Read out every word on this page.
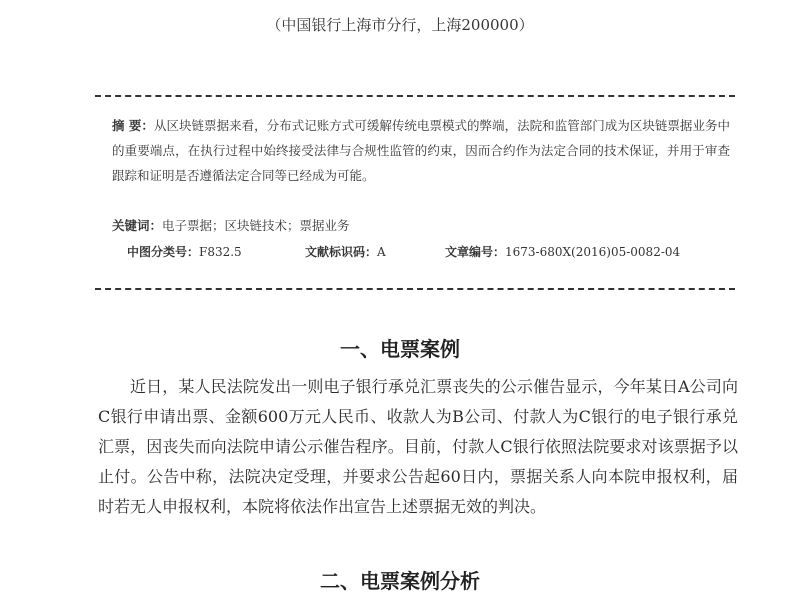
（中国银行上海市分行，上海200000）
摘 要：从区块链票据来看，分布式记账方式可缓解传统电票模式的弊端，法院和监管部门成为区块链票据业务中的重要端点，在执行过程中始终接受法律与合规性监管的约束，因而合约作为法定合同的技术保证，并用于审查跟踪和证明是否遵循法定合同等已经成为可能。
关键词：电子票据；区块链技术；票据业务
中图分类号：F832.5	文献标识码：A	文章编号：1673-680X(2016)05-0082-04
一、电票案例
近日，某人民法院发出一则电子银行承兑汇票丧失的公示催告显示，今年某日A公司向C银行申请出票、金额600万元人民币、收款人为B公司、付款人为C银行的电子银行承兑汇票，因丧失而向法院申请公示催告程序。目前，付款人C银行依照法院要求对该票据予以止付。公告中称，法院决定受理，并要求公告起60日内，票据关系人向本院申报权利，届时若无人申报权利，本院将依法作出宣告上述票据无效的判决。
二、电票案例分析
